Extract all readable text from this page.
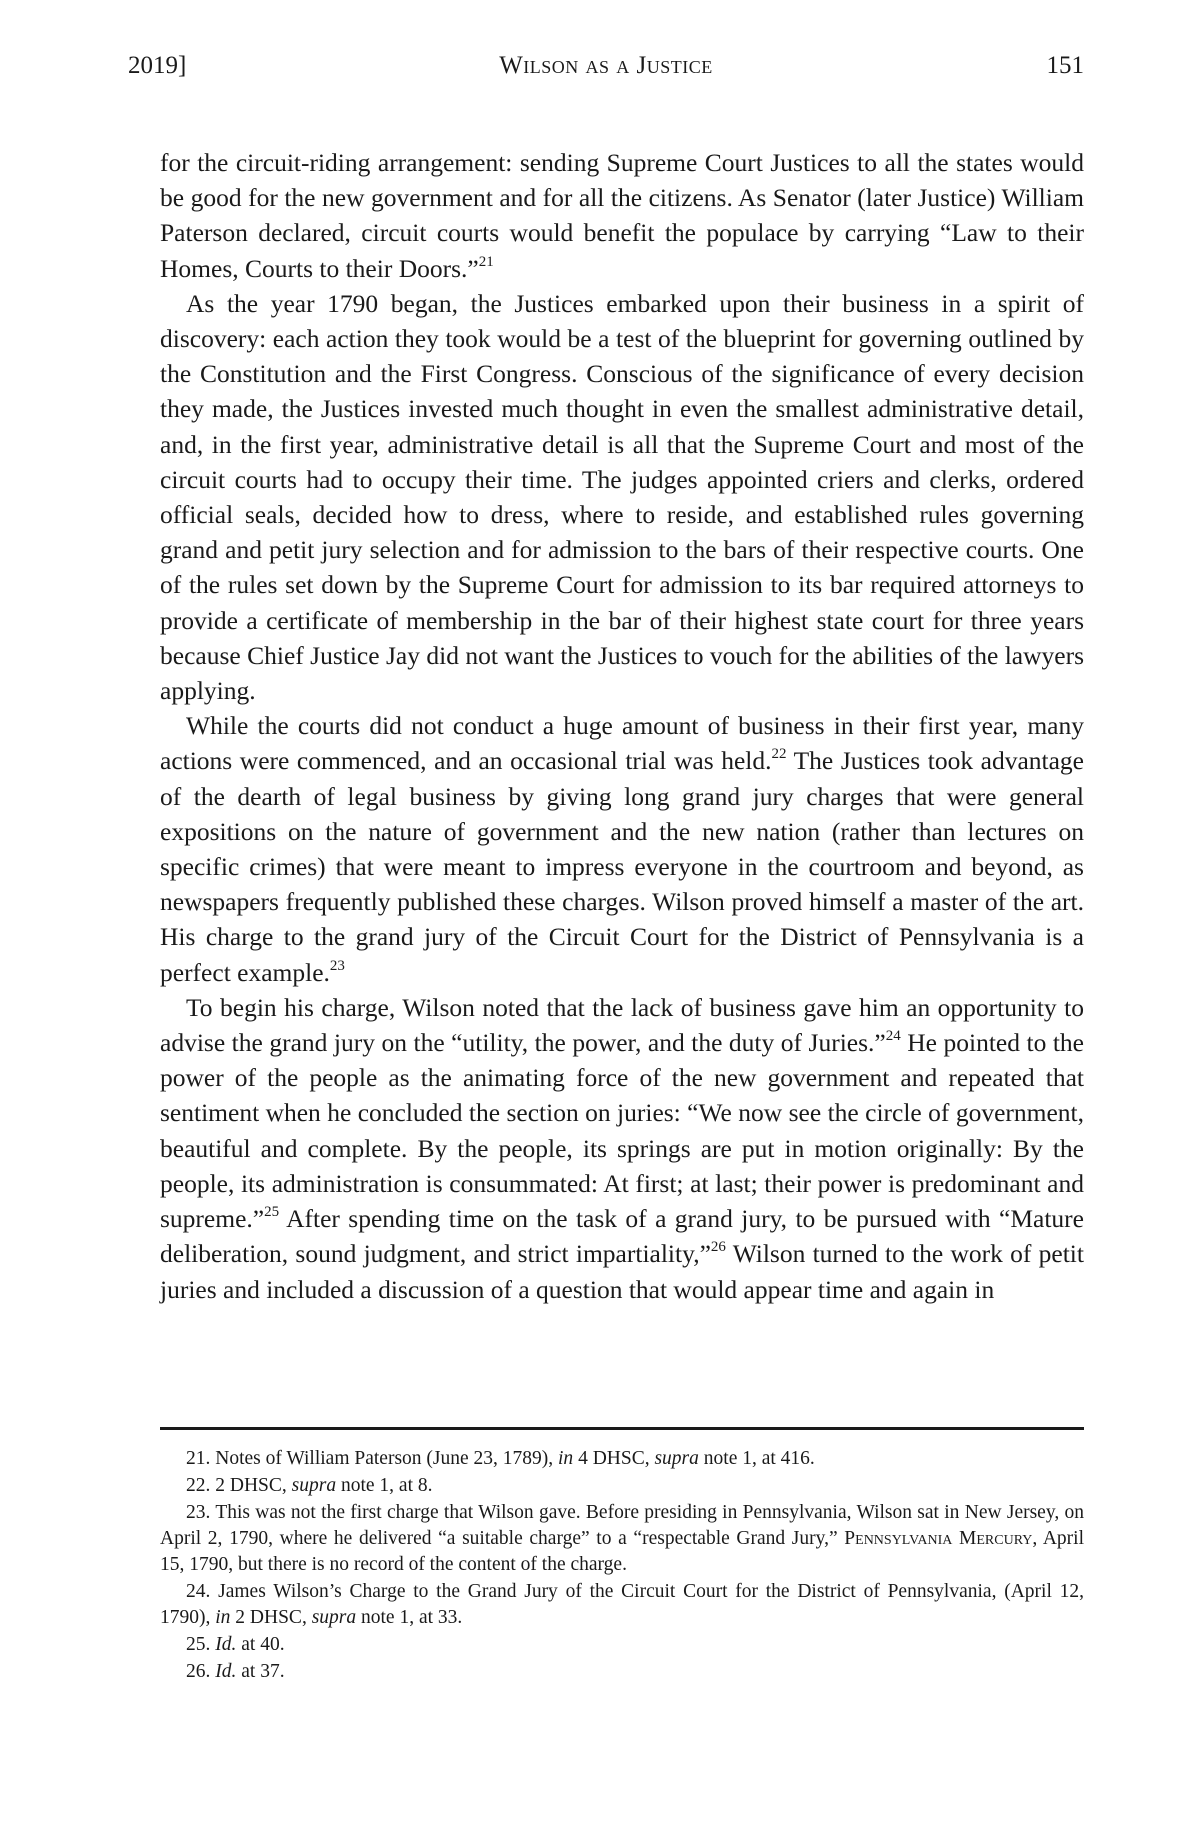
2019]	Wilson as a Justice	151

for the circuit-riding arrangement: sending Supreme Court Justices to all the states would be good for the new government and for all the citizens. As Senator (later Justice) William Paterson declared, circuit courts would benefit the populace by carrying “Law to their Homes, Courts to their Doors.”$^{21}$

As the year 1790 began, the Justices embarked upon their business in a spirit of discovery: each action they took would be a test of the blueprint for governing outlined by the Constitution and the First Congress. Conscious of the significance of every decision they made, the Justices invested much thought in even the smallest administrative detail, and, in the first year, administrative detail is all that the Supreme Court and most of the circuit courts had to occupy their time. The judges appointed criers and clerks, ordered official seals, decided how to dress, where to reside, and established rules governing grand and petit jury selection and for admission to the bars of their respective courts. One of the rules set down by the Supreme Court for admission to its bar required attorneys to provide a certificate of membership in the bar of their highest state court for three years because Chief Justice Jay did not want the Justices to vouch for the abilities of the lawyers applying.

While the courts did not conduct a huge amount of business in their first year, many actions were commenced, and an occasional trial was held.$^{22}$ The Justices took advantage of the dearth of legal business by giving long grand jury charges that were general expositions on the nature of government and the new nation (rather than lectures on specific crimes) that were meant to impress everyone in the courtroom and beyond, as newspapers frequently published these charges. Wilson proved himself a master of the art. His charge to the grand jury of the Circuit Court for the District of Pennsylvania is a perfect example.$^{23}$

To begin his charge, Wilson noted that the lack of business gave him an opportunity to advise the grand jury on the “utility, the power, and the duty of Juries.”$^{24}$ He pointed to the power of the people as the animating force of the new government and repeated that sentiment when he concluded the section on juries: “We now see the circle of government, beautiful and complete. By the people, its springs are put in motion originally: By the people, its administration is consummated: At first; at last; their power is predominant and supreme.”$^{25}$ After spending time on the task of a grand jury, to be pursued with “Mature deliberation, sound judgment, and strict impartiality,”$^{26}$ Wilson turned to the work of petit juries and included a discussion of a question that would appear time and again in

21. Notes of William Paterson (June 23, 1789), in 4 DHSC, supra note 1, at 416.

22. 2 DHSC, supra note 1, at 8.

23. This was not the first charge that Wilson gave. Before presiding in Pennsylvania, Wilson sat in New Jersey, on April 2, 1790, where he delivered “a suitable charge” to a “respectable Grand Jury,” Pennsylvania Mercury, April 15, 1790, but there is no record of the content of the charge.

24. James Wilson’s Charge to the Grand Jury of the Circuit Court for the District of Pennsylvania, (April 12, 1790), in 2 DHSC, supra note 1, at 33.

25. Id. at 40.

26. Id. at 37.
